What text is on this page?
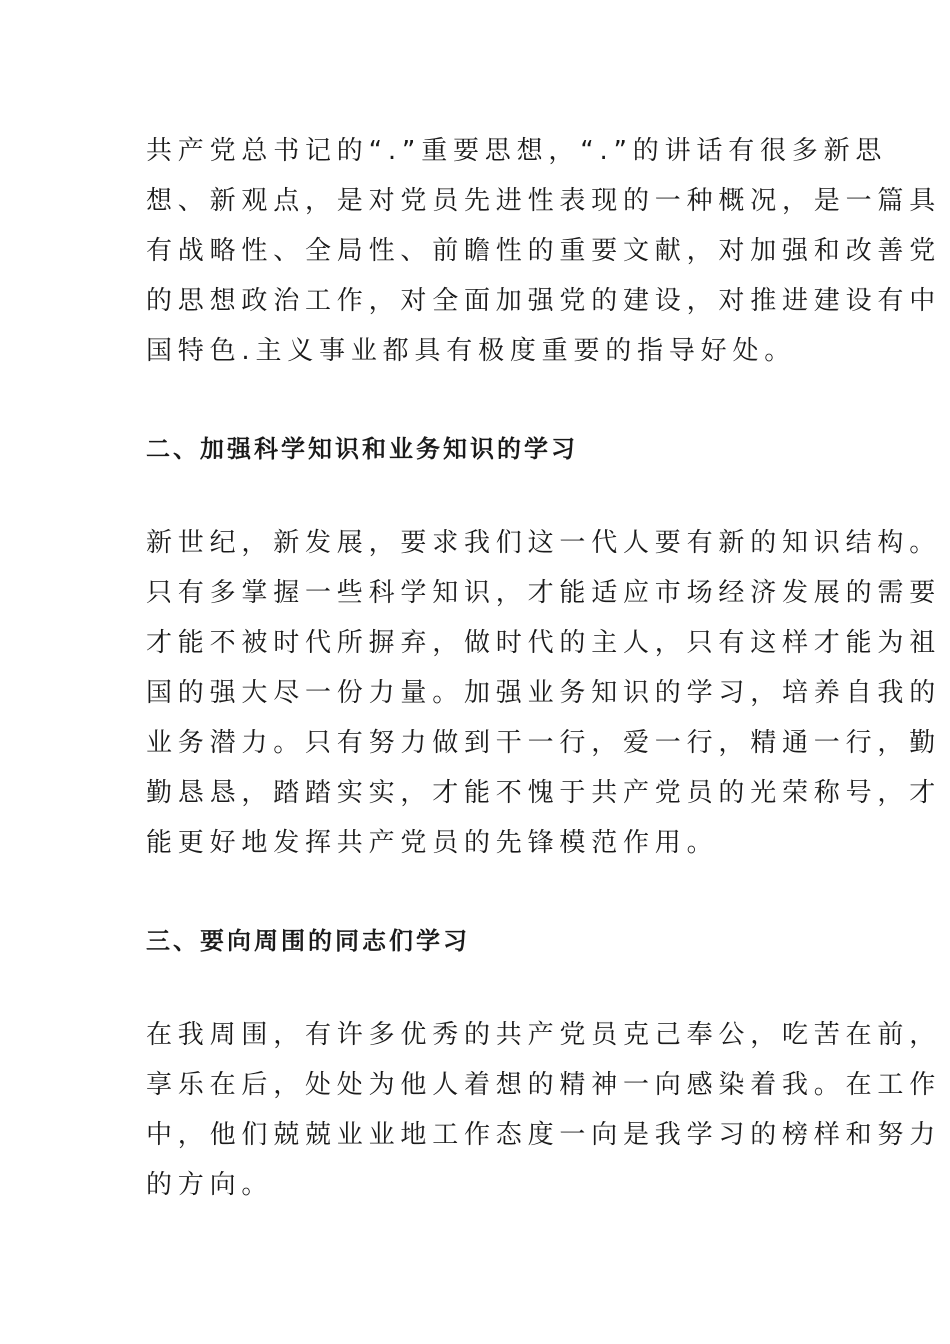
共产党总书记的“.”重要思想，“.”的讲话有很多新思
想、新观点，是对党员先进性表现的一种概况，是一篇具
有战略性、全局性、前瞻性的重要文献，对加强和改善党
的思想政治工作，对全面加强党的建设，对推进建设有中
国特色.主义事业都具有极度重要的指导好处。

二、加强科学知识和业务知识的学习

新世纪，新发展，要求我们这一代人要有新的知识结构。
只有多掌握一些科学知识，才能适应市场经济发展的需要
才能不被时代所摒弃，做时代的主人，只有这样才能为祖
国的强大尽一份力量。加强业务知识的学习，培养自我的
业务潜力。只有努力做到干一行，爱一行，精通一行，勤
勤恳恳，踏踏实实，才能不愧于共产党员的光荣称号，才
能更好地发挥共产党员的先锋模范作用。

三、要向周围的同志们学习

在我周围，有许多优秀的共产党员克己奉公，吃苦在前，
享乐在后，处处为他人着想的精神一向感染着我。在工作
中，他们兢兢业业地工作态度一向是我学习的榜样和努力
的方向。
